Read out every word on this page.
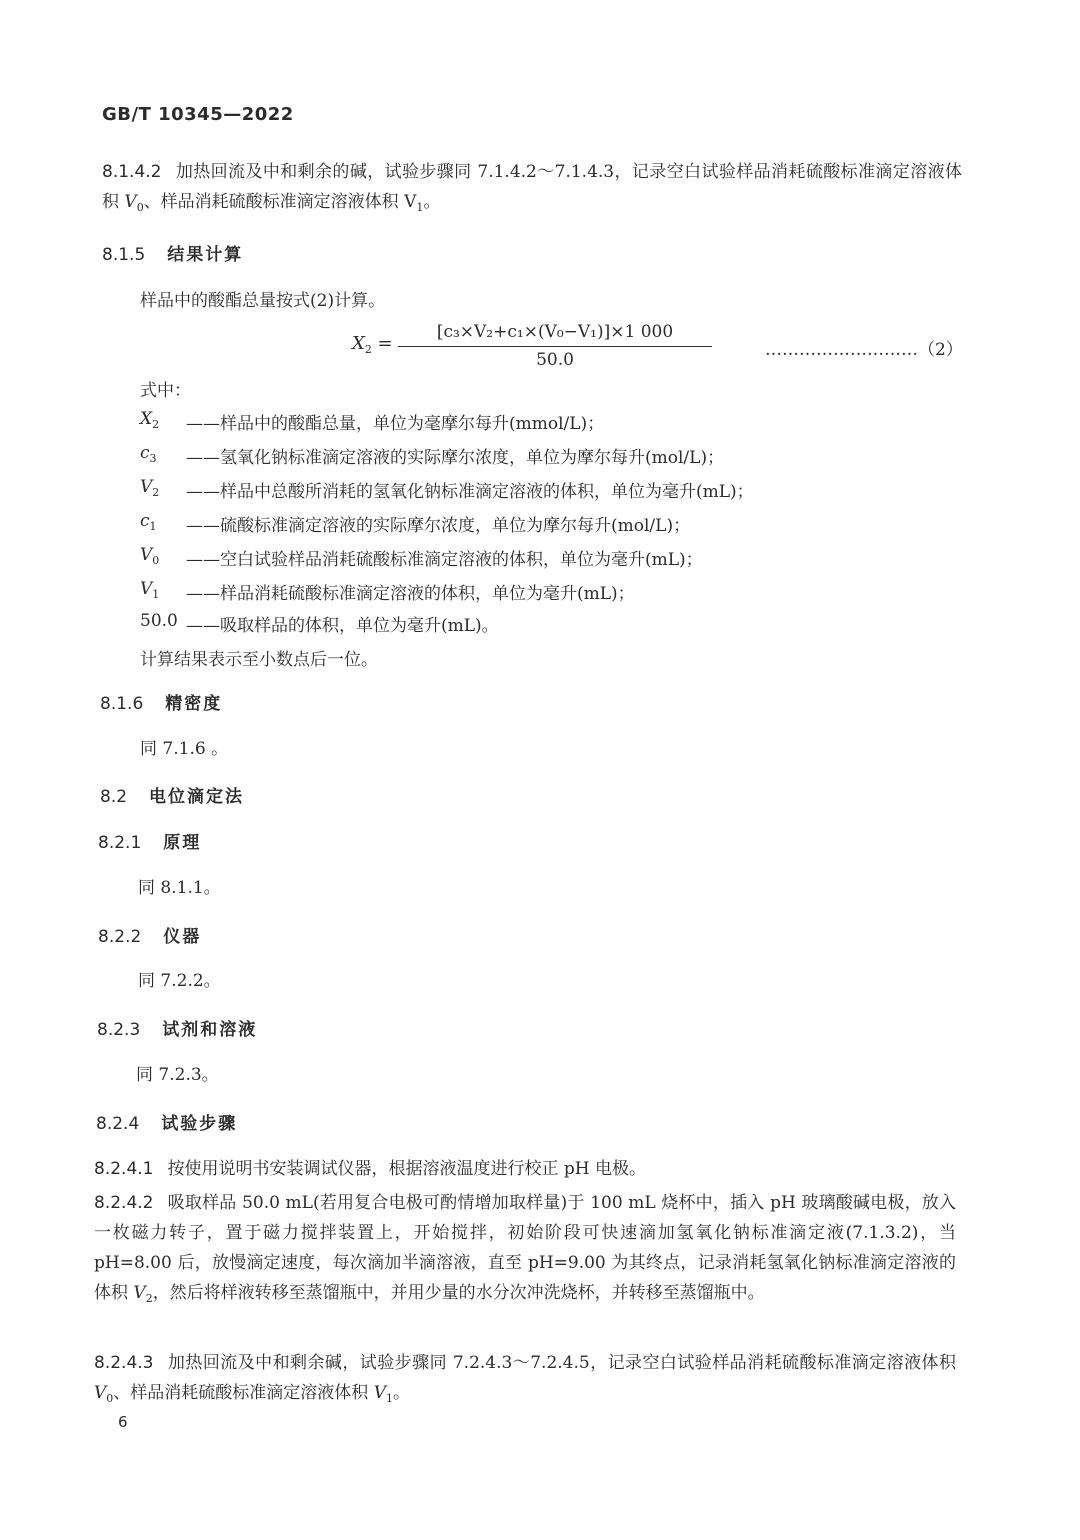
GB/T 10345—2022
8.1.4.2 加热回流及中和剩余的碱，试验步骤同 7.1.4.2～7.1.4.3，记录空白试验样品消耗硫酸标准滴定溶液体积 $V_0$、样品消耗硫酸标准滴定溶液体积 $V_1$。
8.1.5 结果计算
样品中的酸酯总量按式(2)计算。
$X_2$ =
[c₃×V₂+c₁×(V₀−V₁)]×1 000
50.0	………………………（2）
式中：
$X_2$	——样品中的酸酯总量，单位为毫摩尔每升(mmol/L)；
$c_3$	——氢氧化钠标准滴定溶液的实际摩尔浓度，单位为摩尔每升(mol/L)；
$V_2$	——样品中总酸所消耗的氢氧化钠标准滴定溶液的体积，单位为毫升(mL)；
$c_1$	——硫酸标准滴定溶液的实际摩尔浓度，单位为摩尔每升(mol/L)；
$V_0$	——空白试验样品消耗硫酸标准滴定溶液的体积，单位为毫升(mL)；
$V_1$	——样品消耗硫酸标准滴定溶液的体积，单位为毫升(mL)；
50.0 ——吸取样品的体积，单位为毫升(mL)。
计算结果表示至小数点后一位。
8.1.6 精密度
同 7.1.6 。
8.2 电位滴定法
8.2.1 原理
同 8.1.1。
8.2.2 仪器
同 7.2.2。
8.2.3 试剂和溶液
同 7.2.3。
8.2.4 试验步骤
8.2.4.1 按使用说明书安装调试仪器，根据溶液温度进行校正 pH 电极。
8.2.4.2 吸取样品 50.0 mL(若用复合电极可酌情增加取样量)于 100 mL 烧杯中，插入 pH 玻璃酸碱电极，放入一枚磁力转子，置于磁力搅拌装置上，开始搅拌，初始阶段可快速滴加氢氧化钠标准滴定液(7.1.3.2)，当 pH=8.00 后，放慢滴定速度，每次滴加半滴溶液，直至 pH=9.00 为其终点，记录消耗氢氧化钠标准滴定溶液的体积 $V_2$，然后将样液转移至蒸馏瓶中，并用少量的水分次冲洗烧杯，并转移至蒸馏瓶中。
8.2.4.3 加热回流及中和剩余碱，试验步骤同 7.2.4.3～7.2.4.5，记录空白试验样品消耗硫酸标准滴定溶液体积 $V_0$、样品消耗硫酸标准滴定溶液体积 $V_1$。
6
